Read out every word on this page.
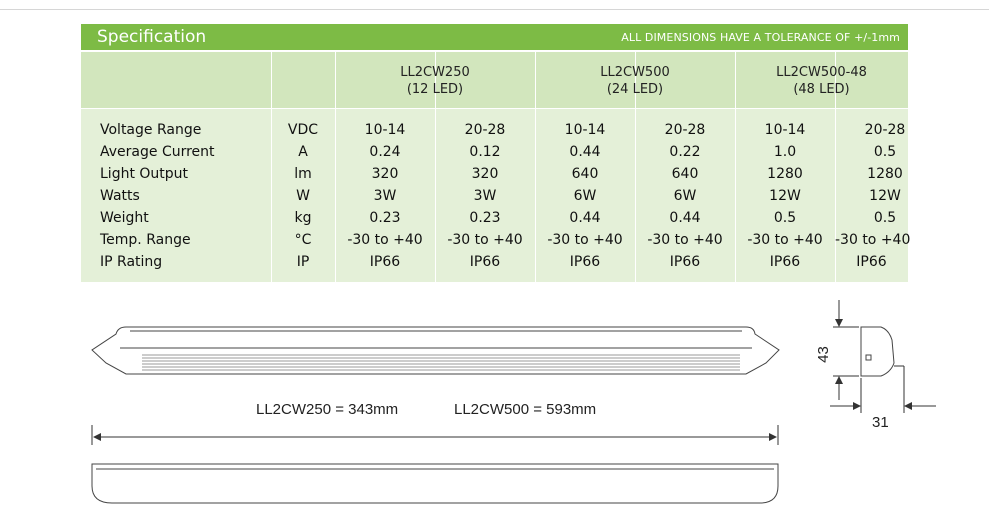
Specification	ALL DIMENSIONS HAVE A TOLERANCE OF +/-1mm
LL2CW250
(12 LED)
LL2CW500
(24 LED)
LL2CW500-48
(48 LED)
Voltage Range	VDC	10-14	20-28	10-14	20-28	10-14	20-28
Average Current	A	0.24	0.12	0.44	0.22	1.0	0.5
Light Output	lm	320	320	640	640	1280	1280
Watts	W	3W	3W	6W	6W	12W	12W
Weight	kg	0.23	0.23	0.44	0.44	0.5	0.5
Temp. Range	°C	-30 to +40	-30 to +40	-30 to +40	-30 to +40	-30 to +40 -30 to +40
IP Rating	IP	IP66	IP66	IP66	IP66	IP66	IP66
LL2CW250 = 343mm	LL2CW500 = 593mm
43
31
